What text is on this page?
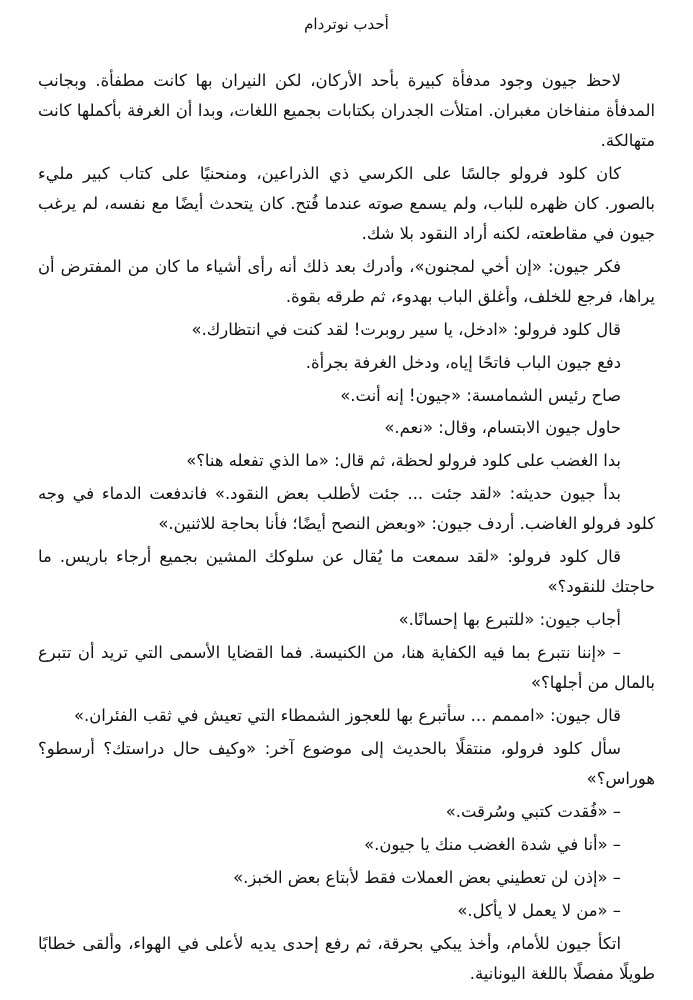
أحدب نوتردام

لاحظ جيون وجود مدفأة كبيرة بأحد الأركان، لكن النيران بها كانت مطفأة. وبجانب المدفأة منفاخان مغبران. امتلأت الجدران بكتابات بجميع اللغات، وبدا أن الغرفة بأكملها كانت متهالكة.

كان كلود فرولو جالسًا على الكرسي ذي الذراعين، ومنحنيًا على كتاب كبير مليء بالصور. كان ظهره للباب، ولم يسمع صوته عندما فُتح. كان يتحدث أيضًا مع نفسه، لم يرغب جيون في مقاطعته، لكنه أراد النقود بلا شك.

فكر جيون: «إن أخي لمجنون»، وأدرك بعد ذلك أنه رأى أشياء ما كان من المفترض أن يراها، فرجع للخلف، وأغلق الباب بهدوء، ثم طرقه بقوة.

قال كلود فرولو: «ادخل، يا سير روبرت! لقد كنت في انتظارك.»

دفع جيون الباب فاتحًا إياه، ودخل الغرفة بجرأة.

صاح رئيس الشمامسة: «جيون! إنه أنت.»

حاول جيون الابتسام، وقال: «نعم.»

بدا الغضب على كلود فرولو لحظة، ثم قال: «ما الذي تفعله هنا؟»

بدأ جيون حديثه: «لقد جئت ... جئت لأطلب بعض النقود.» فاندفعت الدماء في وجه كلود فرولو الغاضب. أردف جيون: «وبعض النصح أيضًا؛ فأنا بحاجة للاثنين.»

قال كلود فرولو: «لقد سمعت ما يُقال عن سلوكك المشين بجميع أرجاء باريس. ما حاجتك للنقود؟»

أجاب جيون: «للتبرع بها إحسانًا.»

– «إننا نتبرع بما فيه الكفاية هنا، من الكنيسة. فما القضايا الأسمى التي تريد أن تتبرع بالمال من أجلها؟»

قال جيون: «امممم ... سأتبرع بها للعجوز الشمطاء التي تعيش في ثقب الفئران.»

سأل كلود فرولو، منتقلًا بالحديث إلى موضوع آخر: «وكيف حال دراستك؟ أرسطو؟ هوراس؟»

– «فُقدت كتبي وسُرقت.»

– «أنا في شدة الغضب منك يا جيون.»

– «إذن لن تعطيني بعض العملات فقط لأبتاع بعض الخبز.»

– «من لا يعمل لا يأكل.»

اتكأ جيون للأمام، وأخذ يبكي بحرقة، ثم رفع إحدى يديه لأعلى في الهواء، وألقى خطابًا طويلًا مفصلًا باللغة اليونانية.
